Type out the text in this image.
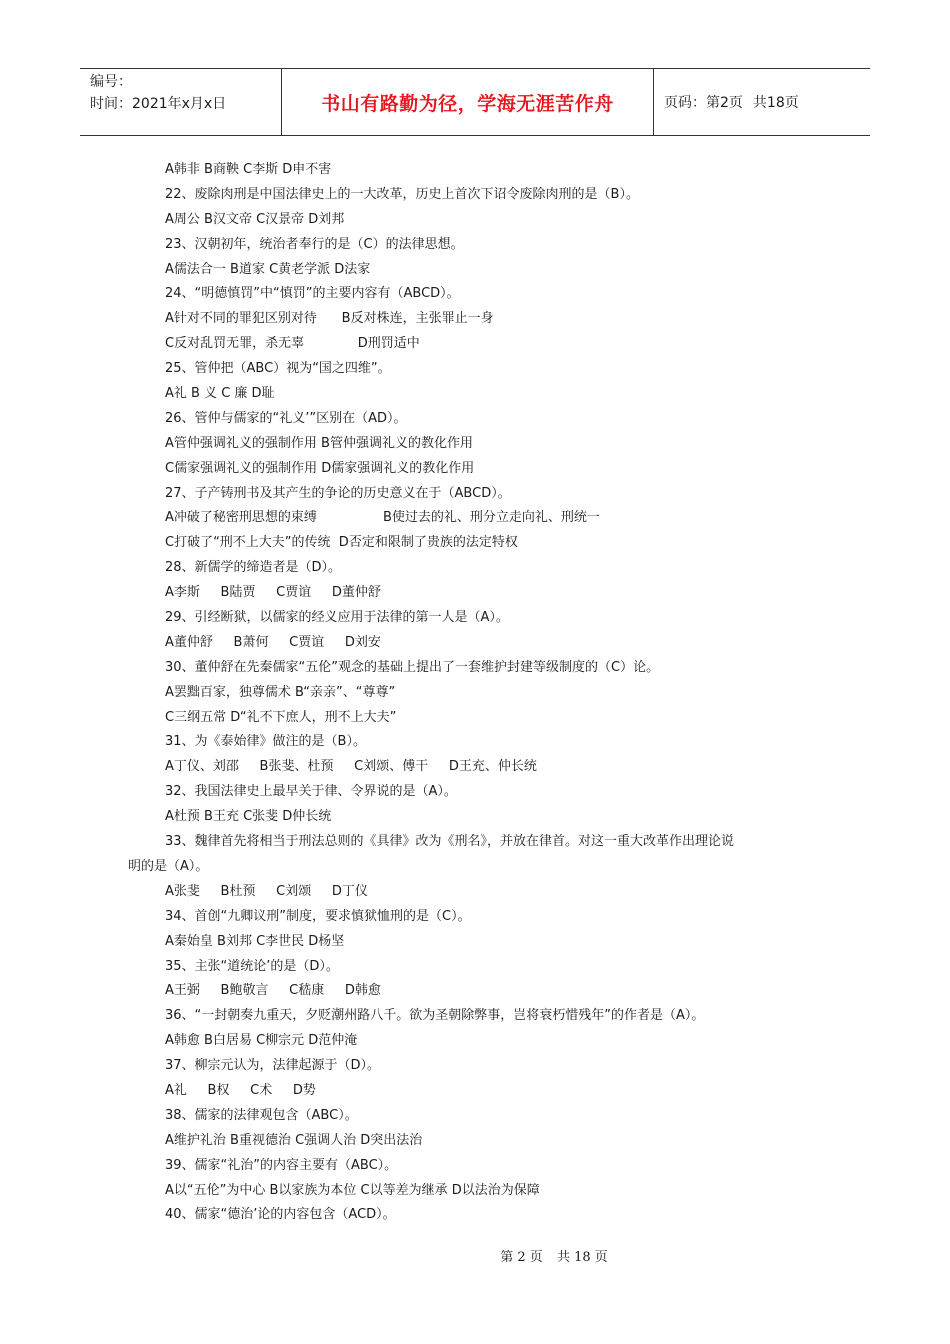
编号：
时间：2021年x月x日	书山有路勤为径，学海无涯苦作舟	页码：第2页 共18页
A韩非 B商鞅 C李斯 D申不害
22、废除肉刑是中国法律史上的一大改革，历史上首次下诏令废除肉刑的是（B）。
A周公 B汉文帝 C汉景帝 D刘邦
23、汉朝初年，统治者奉行的是（C）的法律思想。
A儒法合一 B道家 C黄老学派 D法家
24、“明德慎罚”中“慎罚”的主要内容有（ABCD）。
A针对不同的罪犯区别对待      B反对株连，主张罪止一身
C反对乱罚无罪，杀无辜             D刑罚适中
25、管仲把（ABC）视为“国之四维”。
A礼 B 义 C 廉 D耻
26、管仲与儒家的“礼义’”区别在（AD）。
A管仲强调礼义的强制作用 B管仲强调礼义的教化作用
C儒家强调礼义的强制作用 D儒家强调礼义的教化作用
27、子产铸刑书及其产生的争论的历史意义在于（ABCD）。
A冲破了秘密刑思想的束缚                B使过去的礼、刑分立走向礼、刑统一
C打破了“刑不上大夫”的传统  D否定和限制了贵族的法定特权
28、新儒学的缔造者是（D）。
A李斯     B陆贾     C贾谊     D董仲舒
29、引经断狱，以儒家的经义应用于法律的第一人是（A）。
A董仲舒     B萧何     C贾谊     D刘安
30、董仲舒在先秦儒家“五伦”观念的基础上提出了一套维护封建等级制度的（C）论。
A罢黜百家，独尊儒术 B“亲亲”、“尊尊”
C三纲五常 D“礼不下庶人，刑不上大夫”
31、为《泰始律》做注的是（B）。
A丁仪、刘邵     B张斐、杜预     C刘颂、傅干     D王充、仲长统
32、我国法律史上最早关于律、令界说的是（A）。
A杜预 B王充 C张斐 D仲长统
33、魏律首先将相当于刑法总则的《具律》改为《刑名》，并放在律首。对这一重大改革作出理论说
明的是（A）。
A张斐     B杜预     C刘颂     D丁仪
34、首创“九卿议刑”制度，要求慎狱恤刑的是（C）。
A秦始皇 B刘邦 C李世民 D杨坚
35、主张“道统论’的是（D）。
A王弼     B鲍敬言     C嵇康     D韩愈
36、“一封朝奏九重天，夕贬潮州路八千。欲为圣朝除弊事，岂将衰朽惜残年”的作者是（A）。
A韩愈 B白居易 C柳宗元 D范仲淹
37、柳宗元认为，法律起源于（D）。
A礼     B权     C术     D势
38、儒家的法律观包含（ABC）。
A维护礼治 B重视德治 C强调人治 D突出法治
39、儒家“礼治”的内容主要有（ABC）。
A以“五伦”为中心 B以家族为本位 C以等差为继承 D以法治为保障
40、儒家“德治’论的内容包含（ACD）。
第 2 页 共 18 页
